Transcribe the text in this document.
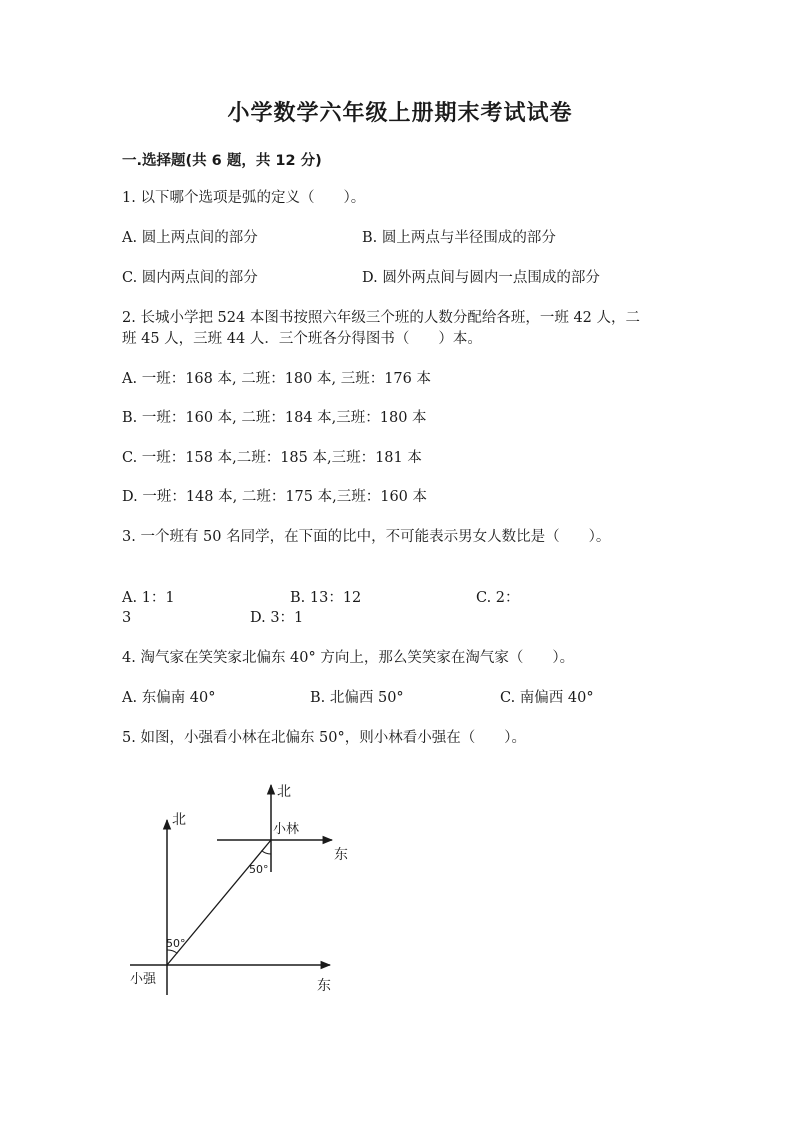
小学数学六年级上册期末考试试卷
一.选择题(共 6 题，共 12 分)
1. 以下哪个选项是弧的定义（　　）。
A. 圆上两点间的部分	B. 圆上两点与半径围成的部分
C. 圆内两点间的部分	D. 圆外两点间与圆内一点围成的部分
2. 长城小学把 524 本图书按照六年级三个班的人数分配给各班，一班 42 人，二
班 45 人，三班 44 人．三个班各分得图书（　　）本。
A. 一班：168 本, 二班：180 本, 三班：176 本
B. 一班：160 本, 二班：184 本,三班：180 本
C. 一班：158 本,二班：185 本,三班：181 本
D. 一班：148 本, 二班：175 本,三班：160 本
3. 一个班有 50 名同学，在下面的比中，不可能表示男女人数比是（　　）。
A. 1：1	B. 13：12	C. 2：
3	D. 3：1
4. 淘气家在笑笑家北偏东 40° 方向上，那么笑笑家在淘气家（　　）。
A. 东偏南 40°	B. 北偏西 50°	C. 南偏西 40°
5. 如图，小强看小林在北偏东 50°，则小林看小强在（　　）。
北
北
东
东
小林
小强
50°
50°
